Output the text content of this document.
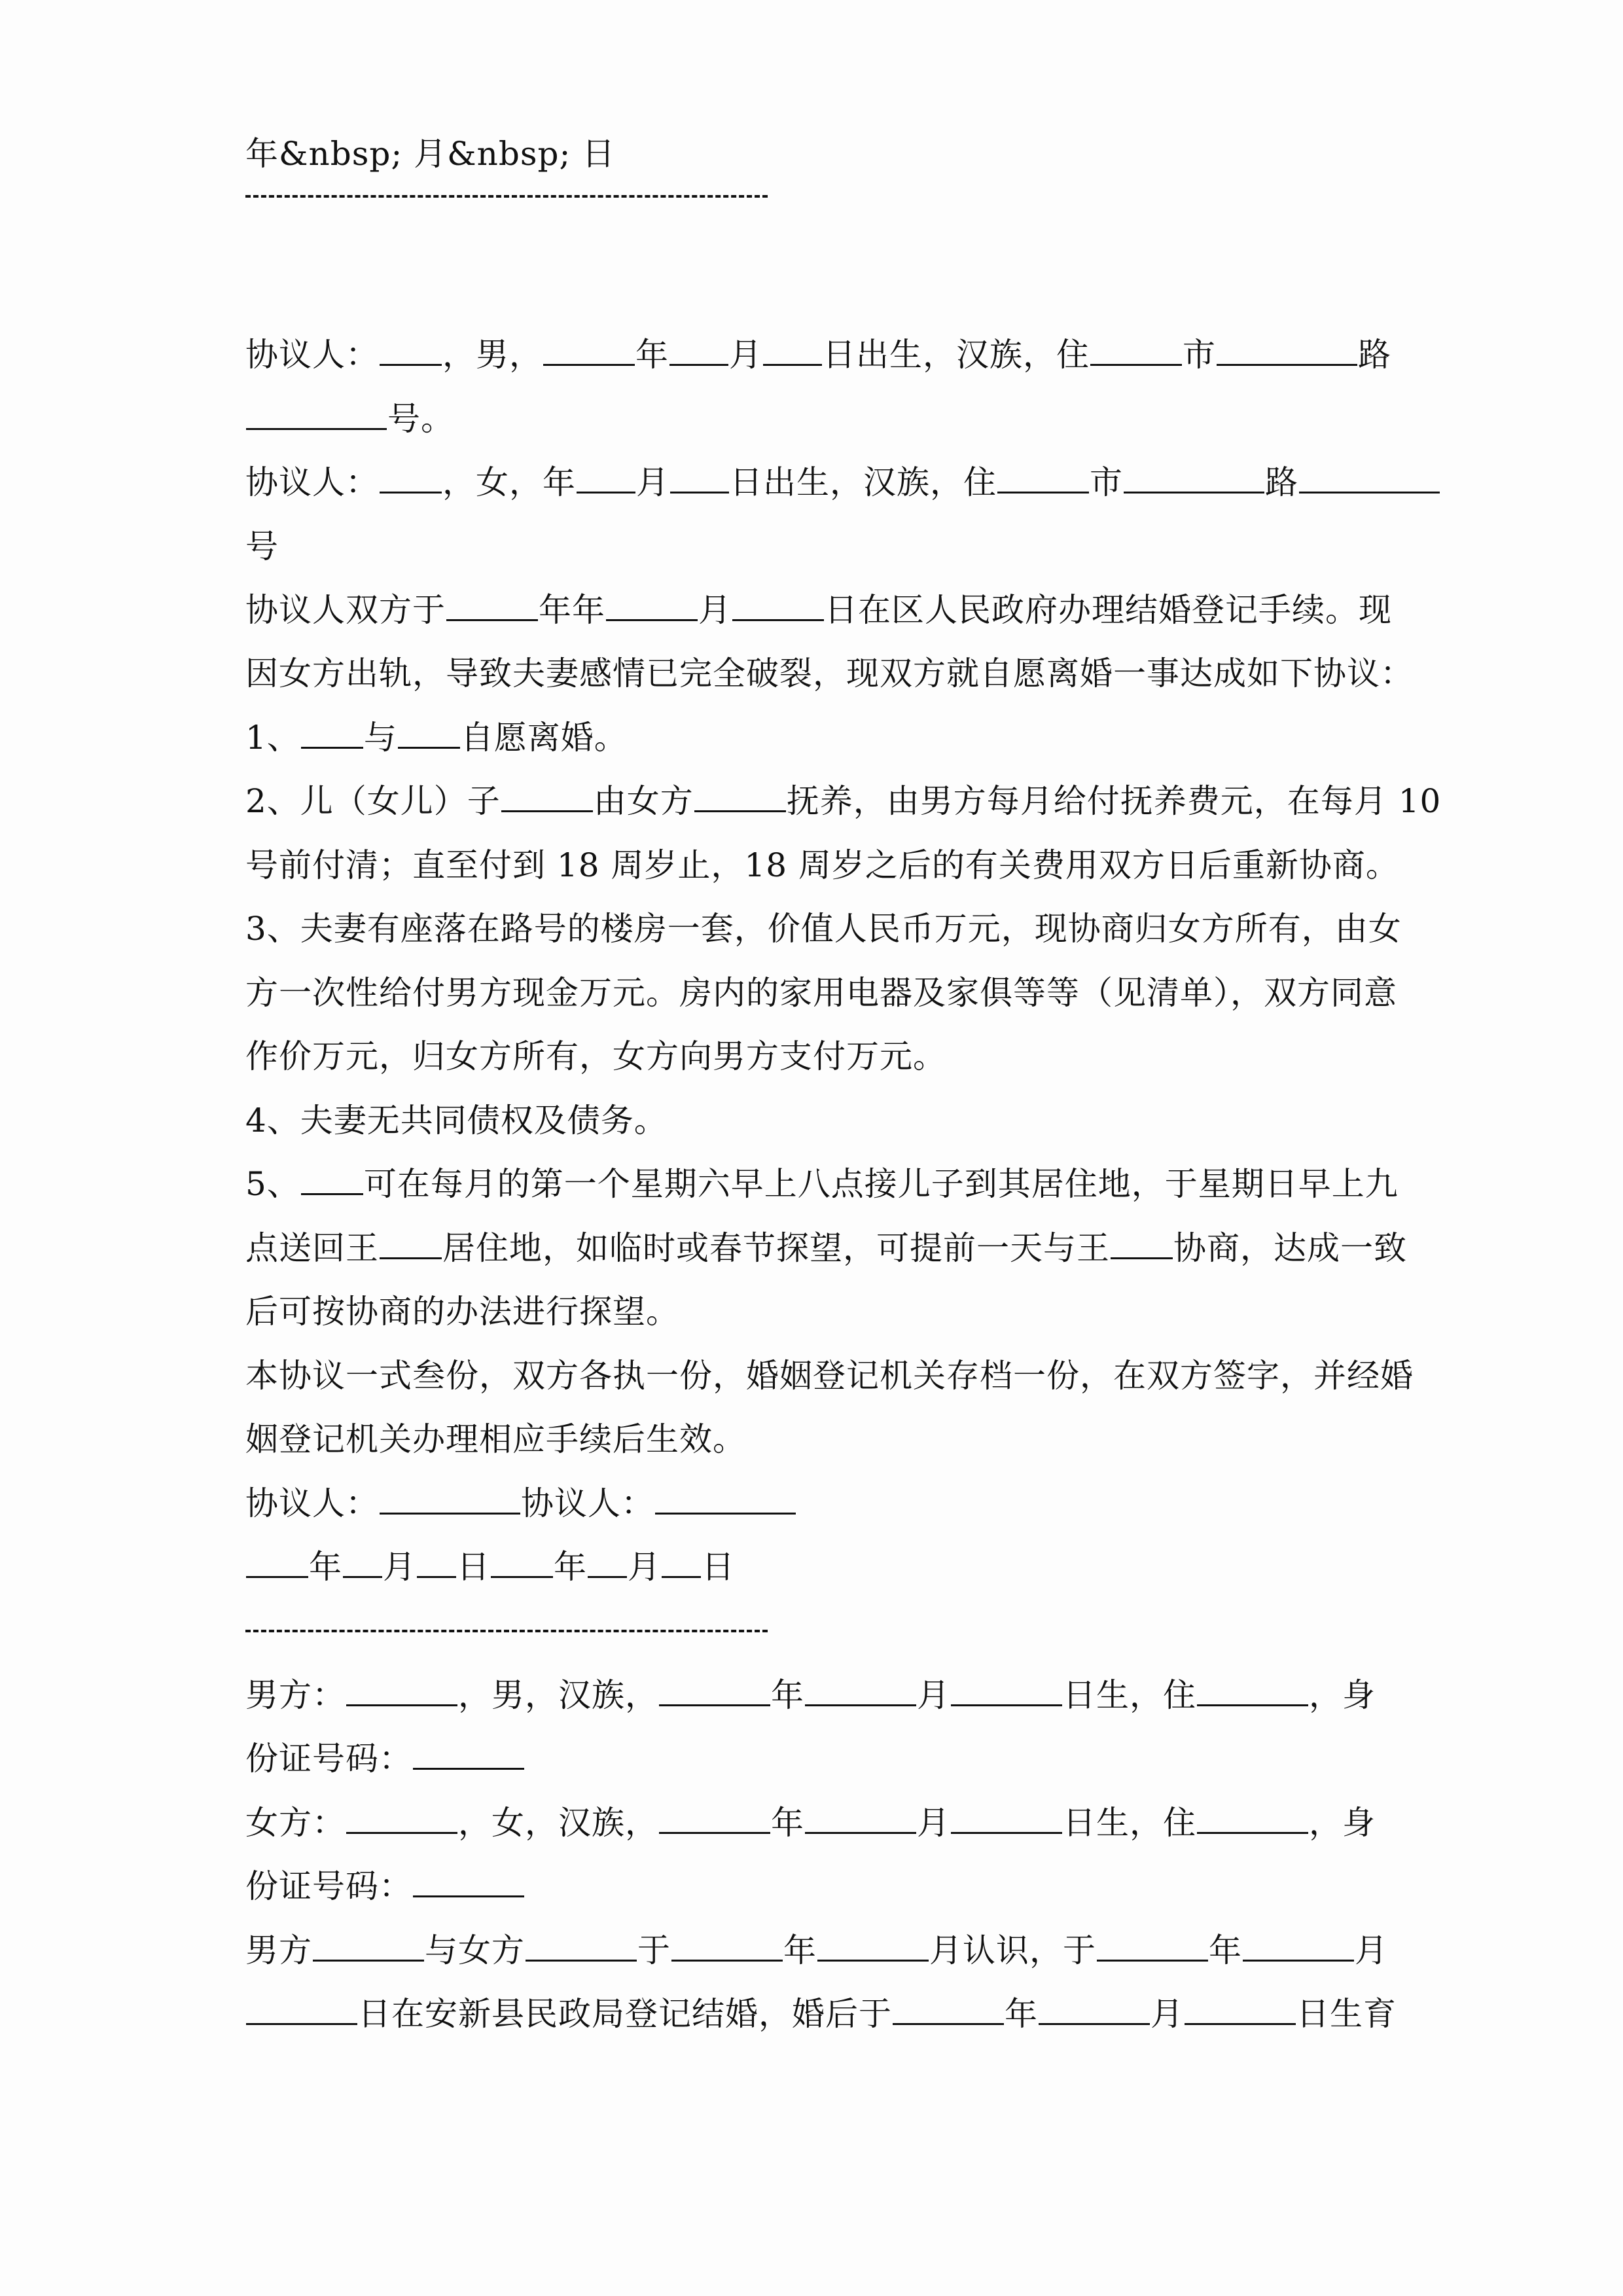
年&nbsp; 月&nbsp; 日
协议人： ，男，	年 月 日出生，汉族，住	市	路
号。
协议人： ，女，年 月 日出生，汉族，住	市	路
号
协议人双方于	年年	月	日在区人民政府办理结婚登记手续。现
因女方出轨，导致夫妻感情已完全破裂，现双方就自愿离婚一事达成如下协议：
1、 与 自愿离婚。
2、儿（女儿）子	由女方	抚养，由男方每月给付抚养费元，在每月 10
号前付清；直至付到 18 周岁止，18 周岁之后的有关费用双方日后重新协商。
3、夫妻有座落在路号的楼房一套，价值人民币万元，现协商归女方所有，由女
方一次性给付男方现金万元。房内的家用电器及家俱等等（见清单），双方同意
作价万元，归女方所有，女方向男方支付万元。
4、夫妻无共同债权及债务。
5、 可在每月的第一个星期六早上八点接儿子到其居住地，于星期日早上九
点送回王 居住地，如临时或春节探望，可提前一天与王 协商，达成一致
后可按协商的办法进行探望。
本协议一式叁份，双方各执一份，婚姻登记机关存档一份，在双方签字，并经婚
姻登记机关办理相应手续后生效。
协议人：	协议人：
年 月 日 年 月 日
男方：	，男，汉族，	年	月	日生，住	，身
份证号码：
女方：	，女，汉族，	年	月	日生，住	，身
份证号码：
男方	与女方	于	年	月认识，于	年	月
日在安新县民政局登记结婚，婚后于	年	月	日生育
